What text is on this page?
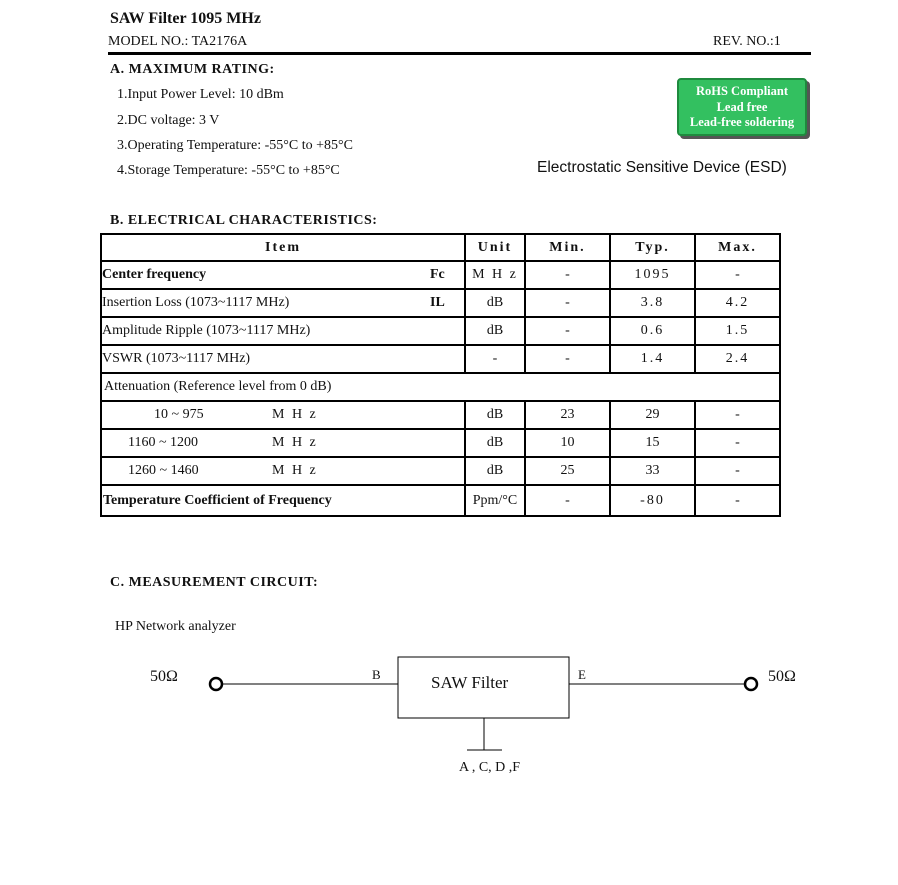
SAW Filter 1095 MHz
MODEL NO.: TA2176A	REV. NO.:1
A. MAXIMUM RATING:
1.Input Power Level: 10 dBm
2.DC voltage: 3 V
3.Operating Temperature: -55°C to +85°C
4.Storage Temperature: -55°C to +85°C
RoHS Compliant
Lead free
Lead-free soldering
Electrostatic Sensitive Device (ESD)
B. ELECTRICAL CHARACTERISTICS:
Item	Unit	Min.	Typ.	Max.

Center frequency Fc	M H z	-	1095	-

Insertion Loss (1073~1117 MHz) IL	dB	-	3.8	4.2

Amplitude Ripple (1073~1117 MHz)	dB	-	0.6	1.5

VSWR (1073~1117 MHz)	-	-	1.4	2.4
Attenuation (Reference level from 0 dB)				

10 ~ 975 M H z	dB	23	29	-

1160 ~ 1200 M H z	dB	10	15	-

1260 ~ 1460 M H z	dB	25	33	-
Temperature Coefficient of Frequency	Ppm/°C	-	-80	-
C. MEASUREMENT CIRCUIT:
HP Network analyzer
50Ω	50Ω
B	E
SAW Filter
A , C, D ,F
